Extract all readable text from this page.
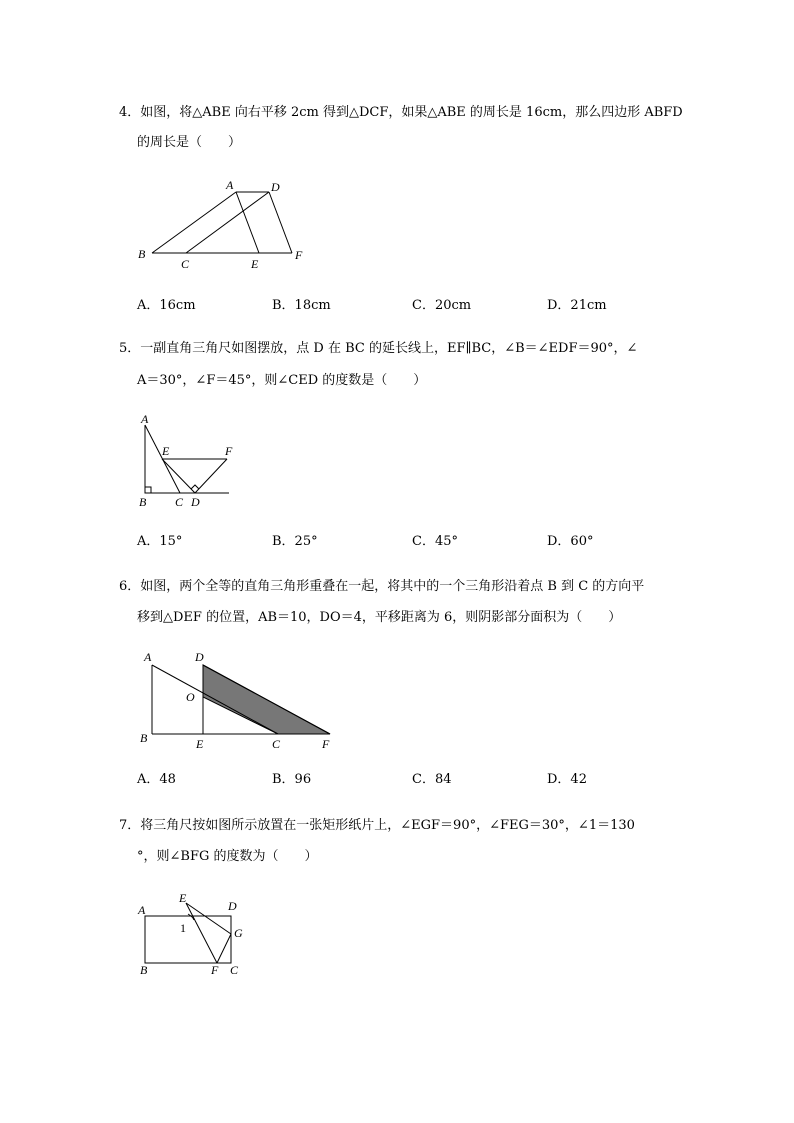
4．如图，将△ABE 向右平移 2cm 得到△DCF，如果△ABE 的周长是 16cm，那么四边形 ABFD
的周长是（　　）
A	D
B
C	E
F
A．16cm	B．18cm	C．20cm	D．21cm
5．一副直角三角尺如图摆放，点 D 在 BC 的延长线上，EF∥BC，∠B＝∠EDF＝90°，∠
A＝30°，∠F＝45°，则∠CED 的度数是（　　）
A
E	F
B C D
A．15°	B．25°	C．45°	D．60°
6．如图，两个全等的直角三角形重叠在一起，将其中的一个三角形沿着点 B 到 C 的方向平
移到△DEF 的位置，AB＝10，DO＝4，平移距离为 6，则阴影部分面积为（　　）
A	D
O
B	E	C	F
A．48	B．96	C．84	D．42
7．将三角尺按如图所示放置在一张矩形纸片上，∠EGF＝90°，∠FEG＝30°，∠1＝130
°，则∠BFG 的度数为（　　）
E
A	D
1	G
B	F C
